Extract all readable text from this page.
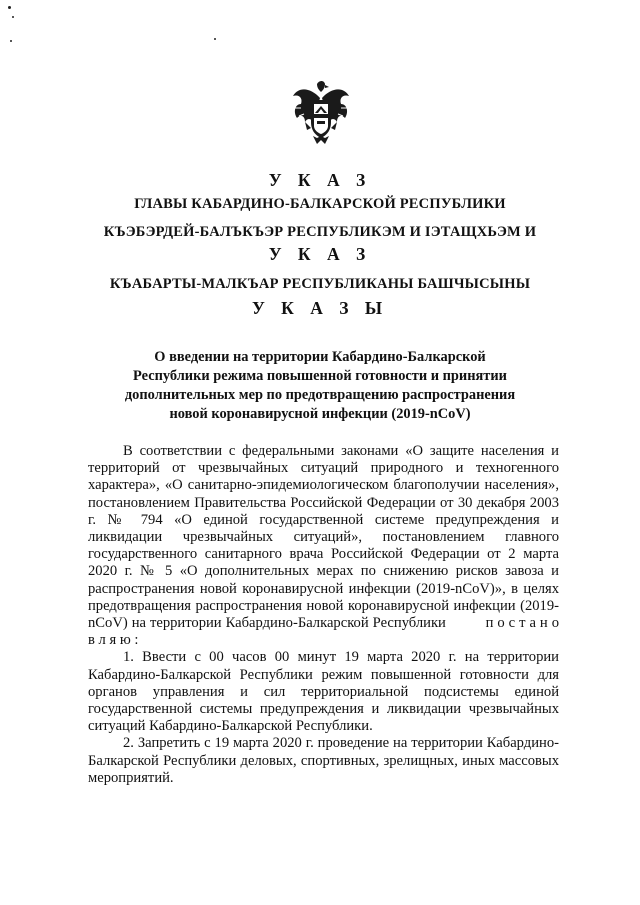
У К А З
ГЛАВЫ КАБАРДИНО-БАЛКАРСКОЙ РЕСПУБЛИКИ
КЪЭБЭРДЕЙ-БАЛЪКЪЭР РЕСПУБЛИКЭМ И ІЭТАЩХЬЭМ И
У К А З
КЪАБАРТЫ-МАЛКЪАР РЕСПУБЛИКАНЫ БАШЧЫСЫНЫ
У К А З Ы
О введении на территории Кабардино-Балкарской
Республики режима повышенной готовности и принятии
дополнительных мер по предотвращению распространения
новой коронавирусной инфекции (2019-nCoV)

В соответствии с федеральными законами «О защите населения и территорий от чрезвычайных ситуаций природного и техногенного характера», «О санитарно-эпидемиологическом благополучии населения», постановлением Правительства Российской Федерации от 30 декабря 2003 г. № 794 «О единой государственной системе предупреждения и ликвидации чрезвычайных ситуаций», постановлением главного государственного санитарного врача Российской Федерации от 2 марта 2020 г. № 5 «О дополнительных мерах по снижению рисков завоза и распространения новой коронавирусной инфекции (2019-nCoV)», в целях предотвращения распространения новой коронавирусной инфекции (2019-nCoV) на территории Кабардино-Балкарской Республики	п о с т а н о в л я ю :

1. Ввести с 00 часов 00 минут 19 марта 2020 г. на территории Кабардино-Балкарской Республики режим повышенной готовности для органов управления и сил территориальной подсистемы единой государственной системы предупреждения и ликвидации чрезвычайных ситуаций Кабардино-Балкарской Республики.

2. Запретить с 19 марта 2020 г. проведение на территории Кабардино-Балкарской Республики деловых, спортивных, зрелищных, иных массовых мероприятий.
